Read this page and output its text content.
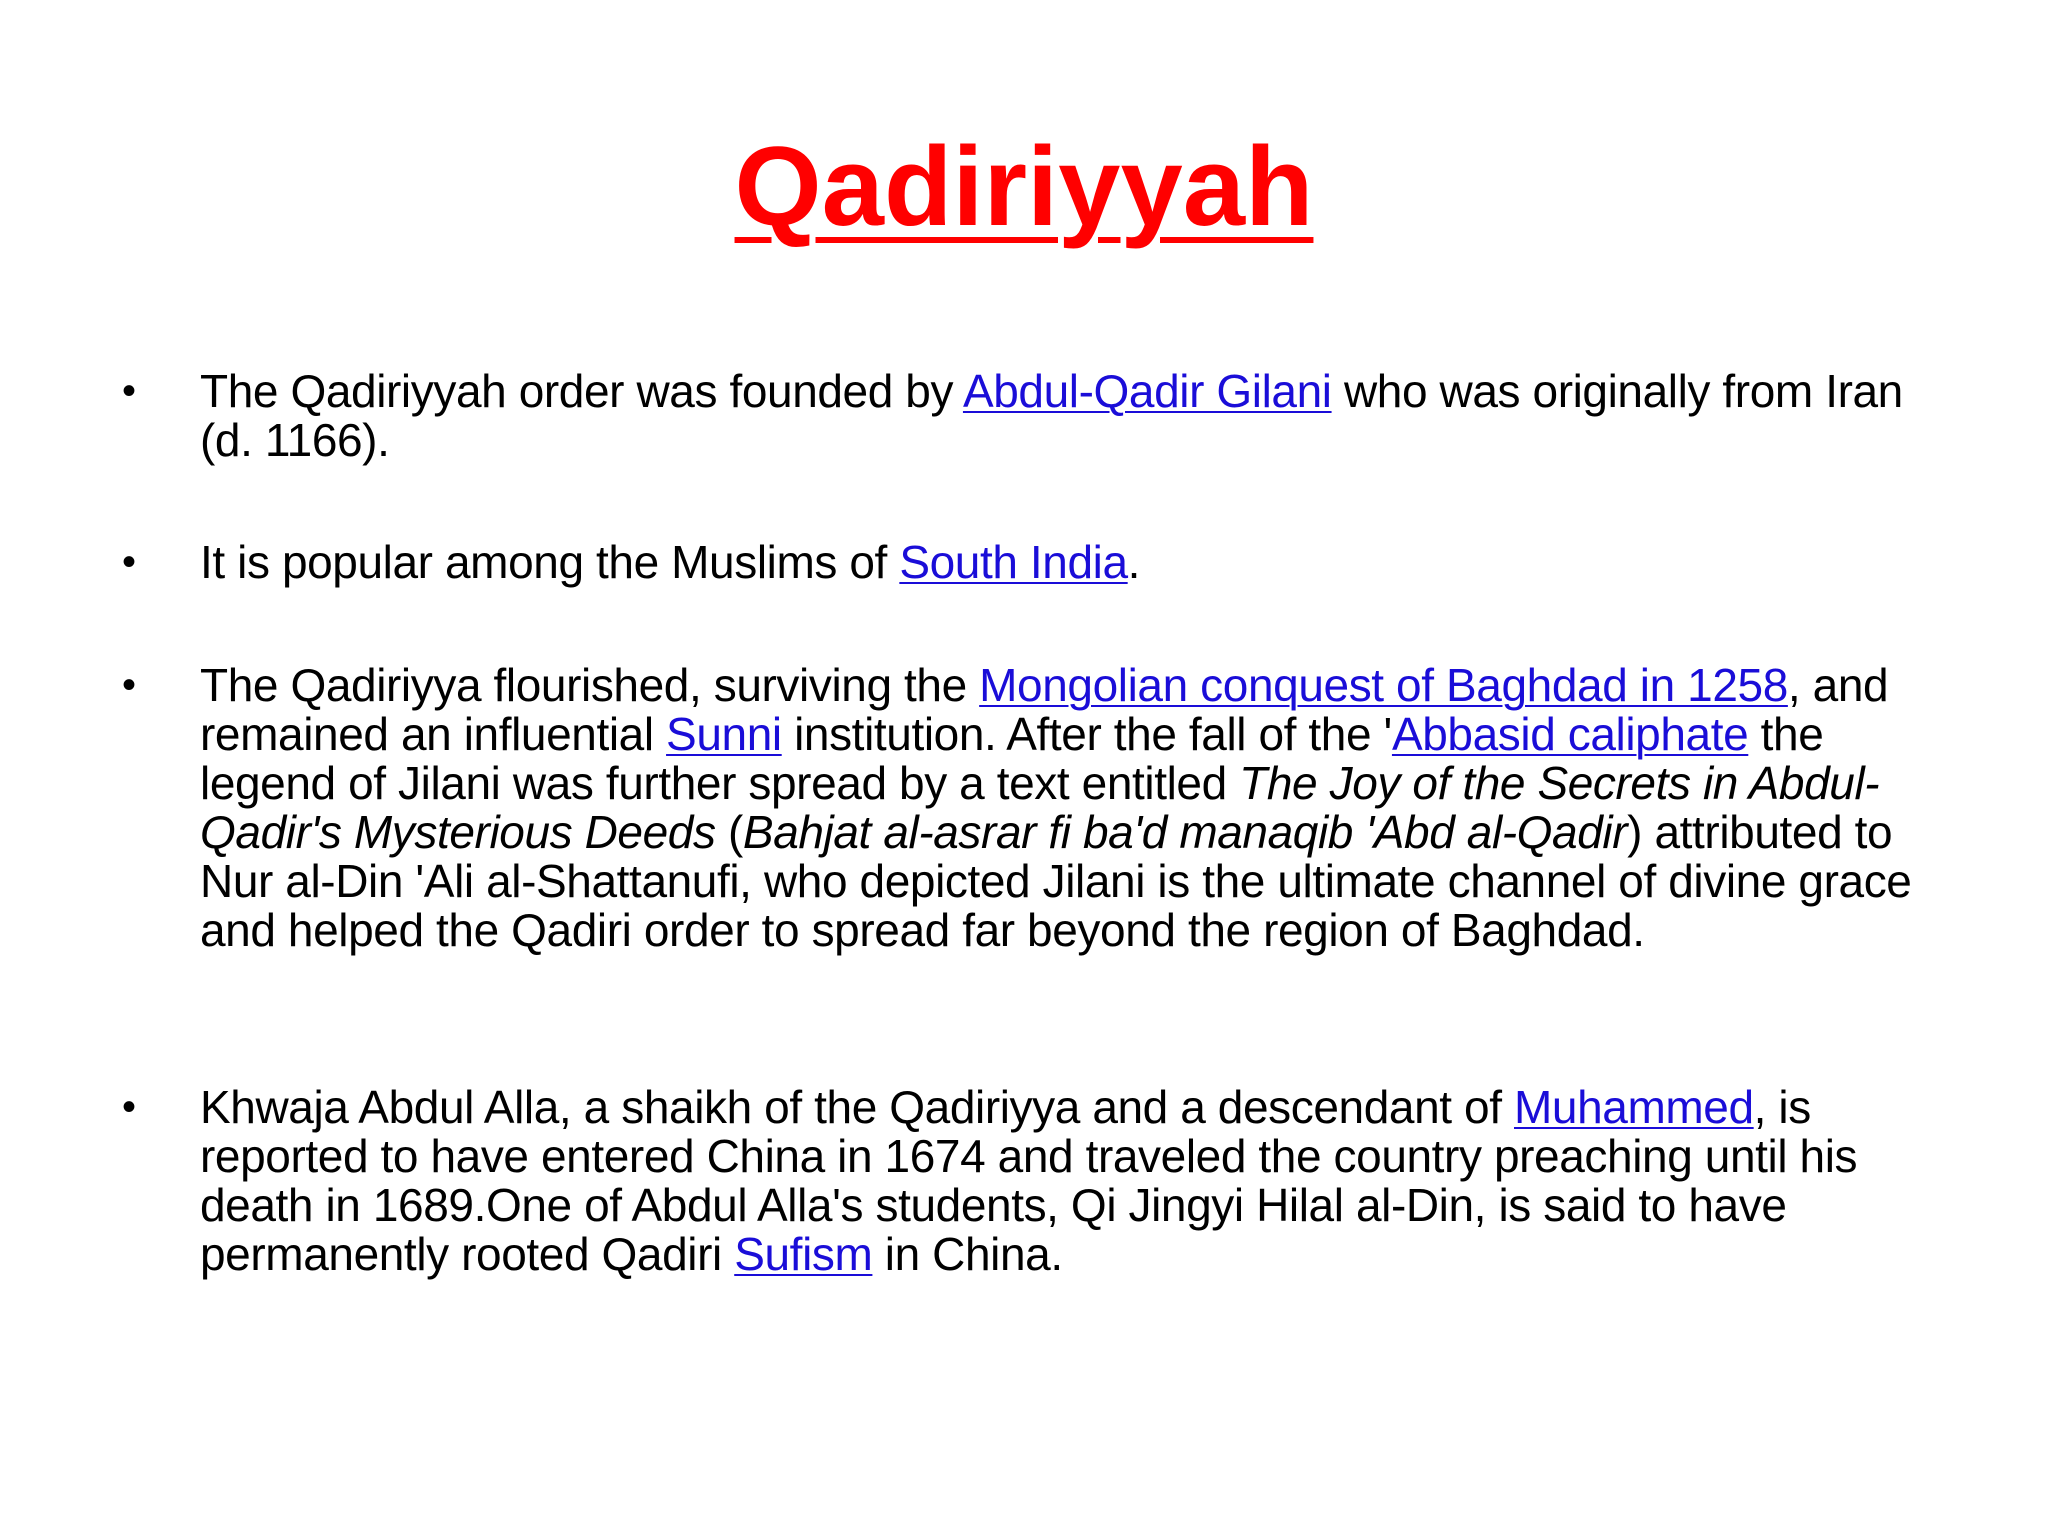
Qadiriyyah
• The Qadiriyyah order was founded by Abdul-Qadir Gilani who was originally from Iran (d. 1166).
• It is popular among the Muslims of South India.
• The Qadiriyya flourished, surviving the Mongolian conquest of Baghdad in 1258, and remained an influential Sunni institution. After the fall of the 'Abbasid caliphate the legend of Jilani was further spread by a text entitled The Joy of the Secrets in Abdul-Qadir's Mysterious Deeds (Bahjat al-asrar fi ba'd manaqib 'Abd al-Qadir) attributed to Nur al-Din 'Ali al-Shattanufi, who depicted Jilani is the ultimate channel of divine grace and helped the Qadiri order to spread far beyond the region of Baghdad.
• Khwaja Abdul Alla, a shaikh of the Qadiriyya and a descendant of Muhammed, is reported to have entered China in 1674 and traveled the country preaching until his death in 1689.One of Abdul Alla's students, Qi Jingyi Hilal al-Din, is said to have permanently rooted Qadiri Sufism in China.
